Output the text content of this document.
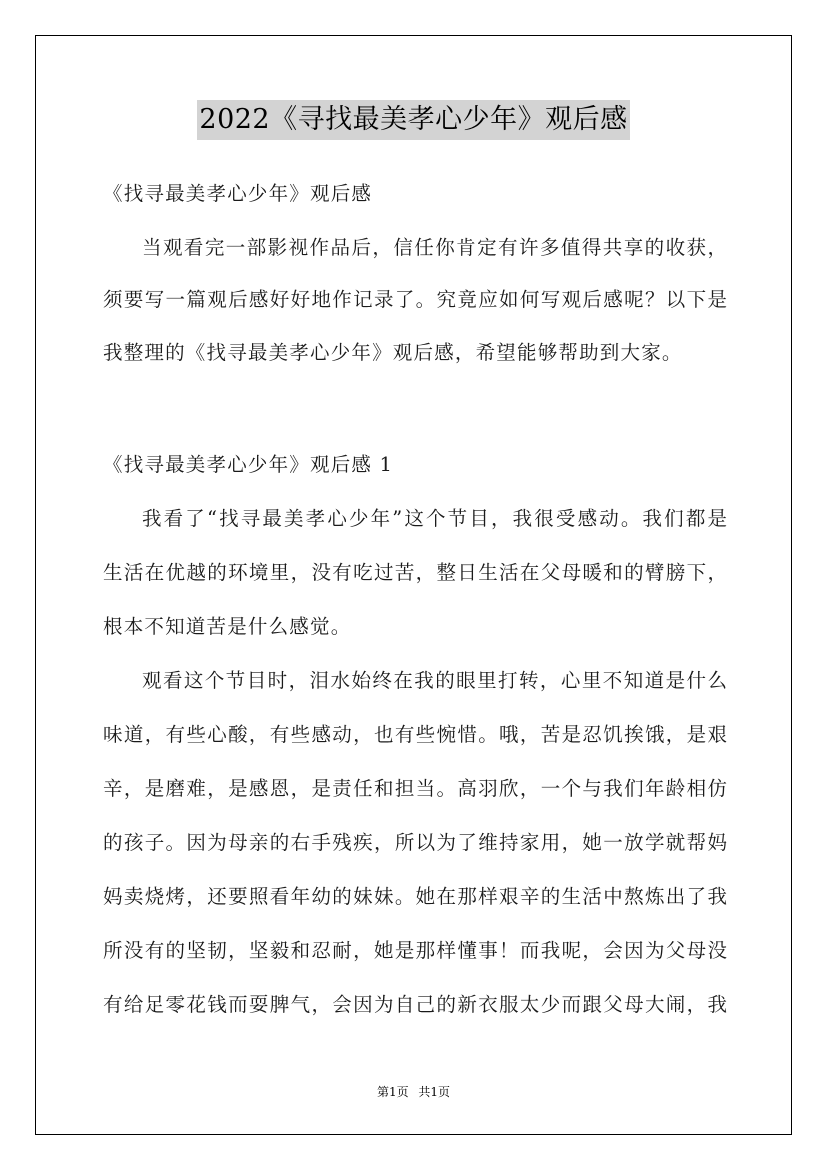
2022《寻找最美孝心少年》观后感
《找寻最美孝心少年》观后感
当观看完一部影视作品后，信任你肯定有许多值得共享的收获，
须要写一篇观后感好好地作记录了。究竟应如何写观后感呢？以下是
我整理的《找寻最美孝心少年》观后感，希望能够帮助到大家。
《找寻最美孝心少年》观后感 1
我看了“找寻最美孝心少年”这个节目，我很受感动。我们都是
生活在优越的环境里，没有吃过苦，整日生活在父母暖和的臂膀下，
根本不知道苦是什么感觉。
观看这个节目时，泪水始终在我的眼里打转，心里不知道是什么
味道，有些心酸，有些感动，也有些惋惜。哦，苦是忍饥挨饿，是艰
辛，是磨难，是感恩，是责任和担当。高羽欣，一个与我们年龄相仿
的孩子。因为母亲的右手残疾，所以为了维持家用，她一放学就帮妈
妈卖烧烤，还要照看年幼的妹妹。她在那样艰辛的生活中熬炼出了我
所没有的坚韧，坚毅和忍耐，她是那样懂事！而我呢，会因为父母没
有给足零花钱而耍脾气，会因为自己的新衣服太少而跟父母大闹，我
第1页 共1页
